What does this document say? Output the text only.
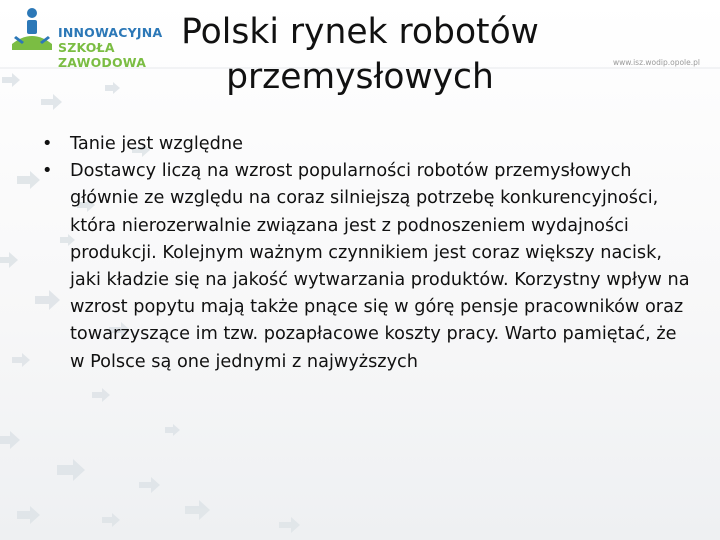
INNOWACYJNA
SZKOŁA ZAWODOWA	www.isz.wodip.opole.pl
Polski rynek robotów przemysłowych
• Tanie jest względne
• Dostawcy liczą na wzrost popularności robotów przemysłowych głównie ze względu na coraz silniejszą potrzebę konkurencyjności, która nierozerwalnie związana jest z podnoszeniem wydajności produkcji. Kolejnym ważnym czynnikiem jest coraz większy nacisk, jaki kładzie się na jakość wytwarzania produktów. Korzystny wpływ na wzrost popytu mają także pnące się w górę pensje pracowników oraz towarzyszące im tzw. pozapłacowe koszty pracy. Warto pamiętać, że w Polsce są one jednymi z najwyższych
